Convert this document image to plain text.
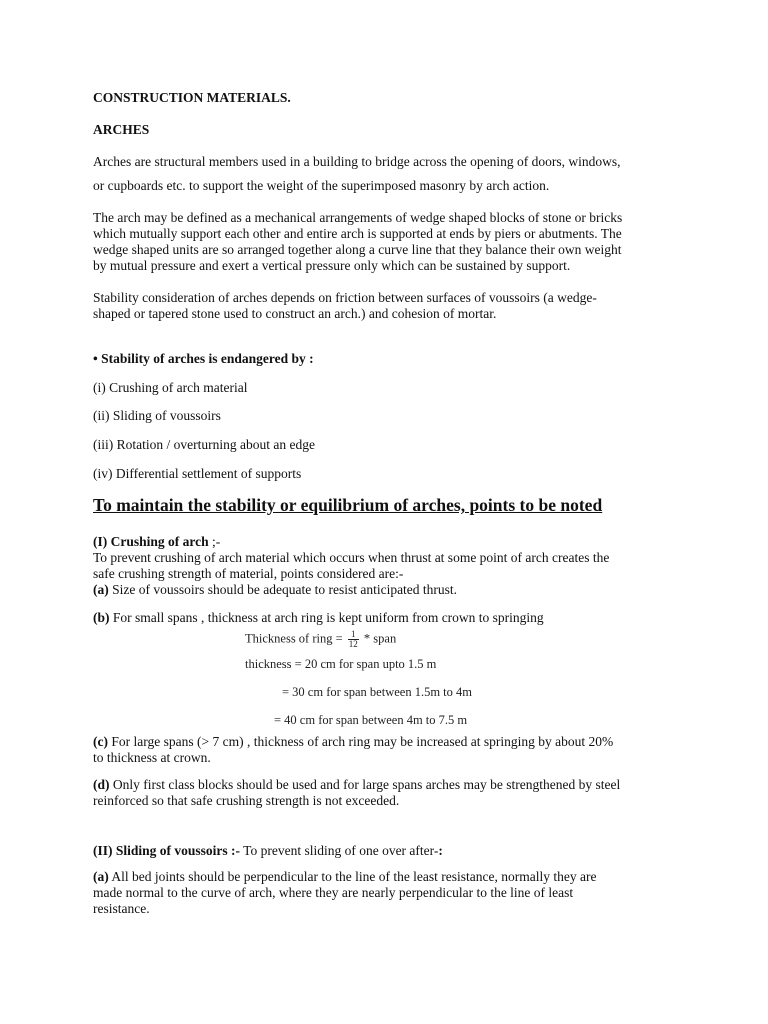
CONSTRUCTION MATERIALS.
ARCHES
Arches are structural members used in a building to bridge across the opening of doors, windows,
or cupboards etc. to support the weight of the superimposed masonry by arch action.
The arch may be defined as a mechanical arrangements of wedge shaped blocks of stone or bricks
which mutually support each other and entire arch is supported at ends by piers or abutments. The
wedge shaped units are so arranged together along a curve line that they balance their own weight
by mutual pressure and exert a vertical pressure only which can be sustained by support.
Stability consideration of arches depends on friction between surfaces of voussoirs (a wedge-
shaped or tapered stone used to construct an arch.) and cohesion of mortar.
• Stability of arches is endangered by :
(i) Crushing of arch material
(ii) Sliding of voussoirs
(iii) Rotation / overturning about an edge
(iv) Differential settlement of supports
To maintain the stability or equilibrium of arches, points to be noted
(I) Crushing of arch ;-
To prevent crushing of arch material which occurs when thrust at some point of arch creates the
safe crushing strength of material, points considered are:-
(a) Size of voussoirs should be adequate to resist anticipated thrust.
(b) For small spans , thickness at arch ring is kept uniform from crown to springing
Thickness of ring = $\frac{1}{12}$ * span
thickness = 20 cm for span upto 1.5 m
= 30 cm for span between 1.5m to 4m
= 40 cm for span between 4m to 7.5 m
(c) For large spans (> 7 cm) , thickness of arch ring may be increased at springing by about 20%
to thickness at crown.
(d) Only first class blocks should be used and for large spans arches may be strengthened by steel
reinforced so that safe crushing strength is not exceeded.
(II) Sliding of voussoirs :- To prevent sliding of one over after-:
(a) All bed joints should be perpendicular to the line of the least resistance, normally they are
made normal to the curve of arch, where they are nearly perpendicular to the line of least
resistance.
